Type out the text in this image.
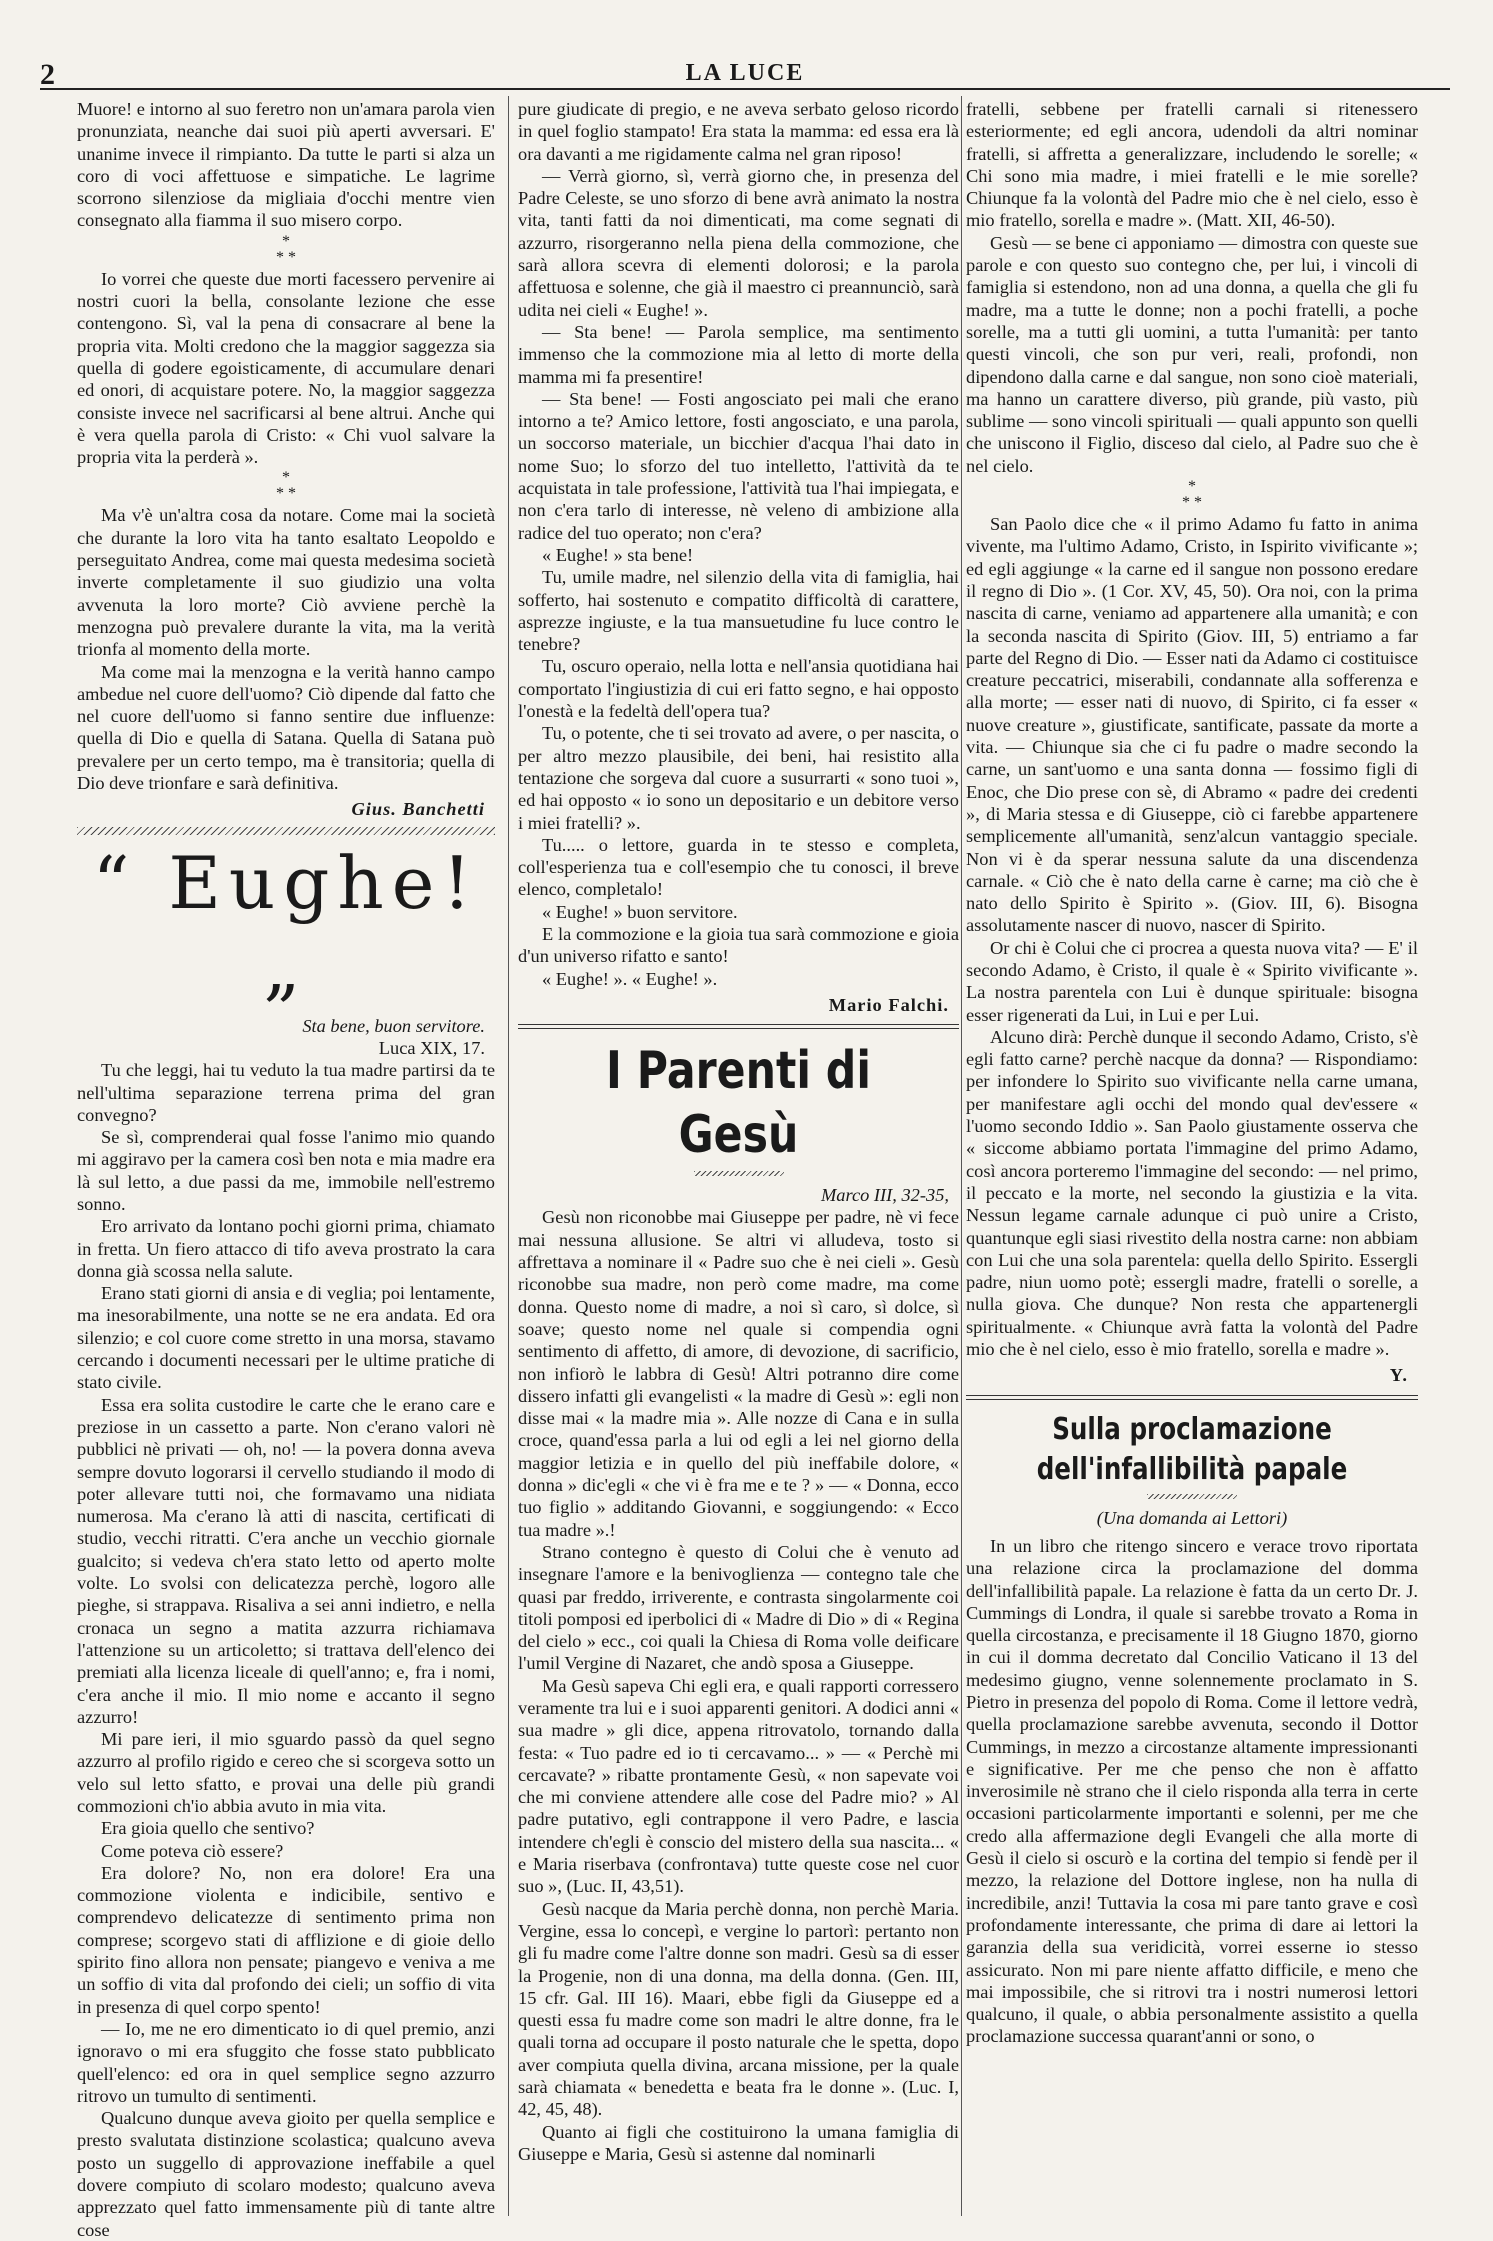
2	LA LUCE

Muore! e intorno al suo feretro non un'amara parola vien pronunziata, neanche dai suoi più aperti avversari. E' unanime invece il rimpianto. Da tutte le parti si alza un coro di voci affettuose e simpatiche. Le lagrime scorrono silenziose da migliaia d'occhi mentre vien consegnato alla fiamma il suo misero corpo.

*
* *

Io vorrei che queste due morti facessero pervenire ai nostri cuori la bella, consolante lezione che esse contengono. Sì, val la pena di consacrare al bene la propria vita. Molti credono che la maggior saggezza sia quella di godere egoisticamente, di accumulare denari ed onori, di acquistare potere. No, la maggior saggezza consiste invece nel sacrificarsi al bene altrui. Anche qui è vera quella parola di Cristo: « Chi vuol salvare la propria vita la perderà ».

*
* *

Ma v'è un'altra cosa da notare. Come mai la società che durante la loro vita ha tanto esaltato Leopoldo e perseguitato Andrea, come mai questa medesima società inverte completamente il suo giudizio una volta avvenuta la loro morte? Ciò avviene perchè la menzogna può prevalere durante la vita, ma la verità trionfa al momento della morte.

Ma come mai la menzogna e la verità hanno campo ambedue nel cuore dell'uomo? Ciò dipende dal fatto che nel cuore dell'uomo si fanno sentire due influenze: quella di Dio e quella di Satana. Quella di Satana può prevalere per un certo tempo, ma è transitoria; quella di Dio deve trionfare e sarà definitiva.

Gius. Banchetti
“ Eughe! „
Sta bene, buon servitore.
Luca XIX, 17.

Tu che leggi, hai tu veduto la tua madre partirsi da te nell'ultima separazione terrena prima del gran convegno?

Se sì, comprenderai qual fosse l'animo mio quando mi aggiravo per la camera così ben nota e mia madre era là sul letto, a due passi da me, immobile nell'estremo sonno.

Ero arrivato da lontano pochi giorni prima, chiamato in fretta. Un fiero attacco di tifo aveva prostrato la cara donna già scossa nella salute.

Erano stati giorni di ansia e di veglia; poi lentamente, ma inesorabilmente, una notte se ne era andata. Ed ora silenzio; e col cuore come stretto in una morsa, stavamo cercando i documenti necessari per le ultime pratiche di stato civile.

Essa era solita custodire le carte che le erano care e preziose in un cassetto a parte. Non c'erano valori nè pubblici nè privati — oh, no! — la povera donna aveva sempre dovuto logorarsi il cervello studiando il modo di poter allevare tutti noi, che formavamo una nidiata numerosa. Ma c'erano là atti di nascita, certificati di studio, vecchi ritratti. C'era anche un vecchio giornale gualcito; si vedeva ch'era stato letto od aperto molte volte. Lo svolsi con delicatezza perchè, logoro alle pieghe, si strappava. Risaliva a sei anni indietro, e nella cronaca un segno a matita azzurra richiamava l'attenzione su un articoletto; si trattava dell'elenco dei premiati alla licenza liceale di quell'anno; e, fra i nomi, c'era anche il mio. Il mio nome e accanto il segno azzurro!

Mi pare ieri, il mio sguardo passò da quel segno azzurro al profilo rigido e cereo che si scorgeva sotto un velo sul letto sfatto, e provai una delle più grandi commozioni ch'io abbia avuto in mia vita.

Era gioia quello che sentivo?

Come poteva ciò essere?

Era dolore? No, non era dolore! Era una commozione violenta e indicibile, sentivo e comprendevo delicatezze di sentimento prima non comprese; scorgevo stati di afflizione e di gioie dello spirito fino allora non pensate; piangevo e veniva a me un soffio di vita dal profondo dei cieli; un soffio di vita in presenza di quel corpo spento!

— Io, me ne ero dimenticato io di quel premio, anzi ignoravo o mi era sfuggito che fosse stato pubblicato quell'elenco: ed ora in quel semplice segno azzurro ritrovo un tumulto di sentimenti.

Qualcuno dunque aveva gioito per quella semplice e presto svalutata distinzione scolastica; qualcuno aveva posto un suggello di approvazione ineffabile a quel dovere compiuto di scolaro modesto; qualcuno aveva apprezzato quel fatto immensamente più di tante altre cose

pure giudicate di pregio, e ne aveva serbato geloso ricordo in quel foglio stampato! Era stata la mamma: ed essa era là ora davanti a me rigidamente calma nel gran riposo!

— Verrà giorno, sì, verrà giorno che, in presenza del Padre Celeste, se uno sforzo di bene avrà animato la nostra vita, tanti fatti da noi dimenticati, ma come segnati di azzurro, risorgeranno nella piena della commozione, che sarà allora scevra di elementi dolorosi; e la parola affettuosa e solenne, che già il maestro ci preannunciò, sarà udita nei cieli « Eughe! ».

— Sta bene! — Parola semplice, ma sentimento immenso che la commozione mia al letto di morte della mamma mi fa presentire!

— Sta bene! — Fosti angosciato pei mali che erano intorno a te? Amico lettore, fosti angosciato, e una parola, un soccorso materiale, un bicchier d'acqua l'hai dato in nome Suo; lo sforzo del tuo intelletto, l'attività da te acquistata in tale professione, l'attività tua l'hai impiegata, e non c'era tarlo di interesse, nè veleno di ambizione alla radice del tuo operato; non c'era?

« Eughe! » sta bene!

Tu, umile madre, nel silenzio della vita di famiglia, hai sofferto, hai sostenuto e compatito difficoltà di carattere, asprezze ingiuste, e la tua mansuetudine fu luce contro le tenebre?

Tu, oscuro operaio, nella lotta e nell'ansia quotidiana hai comportato l'ingiustizia di cui eri fatto segno, e hai opposto l'onestà e la fedeltà dell'opera tua?

Tu, o potente, che ti sei trovato ad avere, o per nascita, o per altro mezzo plausibile, dei beni, hai resistito alla tentazione che sorgeva dal cuore a susurrarti « sono tuoi », ed hai opposto « io sono un depositario e un debitore verso i miei fratelli? ».

Tu..... o lettore, guarda in te stesso e completa, coll'esperienza tua e coll'esempio che tu conosci, il breve elenco, completalo!

« Eughe! » buon servitore.

E la commozione e la gioia tua sarà commozione e gioia d'un universo rifatto e santo!

« Eughe! ». « Eughe! ».

Mario Falchi.
I Parenti di Gesù
Marco III, 32-35,

Gesù non riconobbe mai Giuseppe per padre, nè vi fece mai nessuna allusione. Se altri vi alludeva, tosto si affrettava a nominare il « Padre suo che è nei cieli ». Gesù riconobbe sua madre, non però come madre, ma come donna. Questo nome di madre, a noi sì caro, sì dolce, sì soave; questo nome nel quale si compendia ogni sentimento di affetto, di amore, di devozione, di sacrificio, non infiorò le labbra di Gesù! Altri potranno dire come dissero infatti gli evangelisti « la madre di Gesù »: egli non disse mai « la madre mia ». Alle nozze di Cana e in sulla croce, quand'essa parla a lui od egli a lei nel giorno della maggior letizia e in quello del più ineffabile dolore, « donna » dic'egli « che vi è fra me e te ? » — « Donna, ecco tuo figlio » additando Giovanni, e soggiungendo: « Ecco tua madre ».!

Strano contegno è questo di Colui che è venuto ad insegnare l'amore e la benivoglienza — contegno tale che quasi par freddo, irriverente, e contrasta singolarmente coi titoli pomposi ed iperbolici di « Madre di Dio » di « Regina del cielo » ecc., coi quali la Chiesa di Roma volle deificare l'umil Vergine di Nazaret, che andò sposa a Giuseppe.

Ma Gesù sapeva Chi egli era, e quali rapporti corressero veramente tra lui e i suoi apparenti genitori. A dodici anni « sua madre » gli dice, appena ritrovatolo, tornando dalla festa: « Tuo padre ed io ti cercavamo... » — « Perchè mi cercavate? » ribatte prontamente Gesù, « non sapevate voi che mi conviene attendere alle cose del Padre mio? » Al padre putativo, egli contrappone il vero Padre, e lascia intendere ch'egli è conscio del mistero della sua nascita... « e Maria riserbava (confrontava) tutte queste cose nel cuor suo », (Luc. II, 43,51).

Gesù nacque da Maria perchè donna, non perchè Maria. Vergine, essa lo concepì, e vergine lo partorì: pertanto non gli fu madre come l'altre donne son madri. Gesù sa di esser la Progenie, non di una donna, ma della donna. (Gen. III, 15 cfr. Gal. III 16). Maari, ebbe figli da Giuseppe ed a questi essa fu madre come son madri le altre donne, fra le quali torna ad occupare il posto naturale che le spetta, dopo aver compiuta quella divina, arcana missione, per la quale sarà chiamata « benedetta e beata fra le donne ». (Luc. I, 42, 45, 48).

Quanto ai figli che costituirono la umana famiglia di Giuseppe e Maria, Gesù si astenne dal nominarli

fratelli, sebbene per fratelli carnali si ritenessero esteriormente; ed egli ancora, udendoli da altri nominar fratelli, si affretta a generalizzare, includendo le sorelle; « Chi sono mia madre, i miei fratelli e le mie sorelle? Chiunque fa la volontà del Padre mio che è nel cielo, esso è mio fratello, sorella e madre ». (Matt. XII, 46-50).

Gesù — se bene ci apponiamo — dimostra con queste sue parole e con questo suo contegno che, per lui, i vincoli di famiglia si estendono, non ad una donna, a quella che gli fu madre, ma a tutte le donne; non a pochi fratelli, a poche sorelle, ma a tutti gli uomini, a tutta l'umanità: per tanto questi vincoli, che son pur veri, reali, profondi, non dipendono dalla carne e dal sangue, non sono cioè materiali, ma hanno un carattere diverso, più grande, più vasto, più sublime — sono vincoli spirituali — quali appunto son quelli che uniscono il Figlio, disceso dal cielo, al Padre suo che è nel cielo.

*
* *

San Paolo dice che « il primo Adamo fu fatto in anima vivente, ma l'ultimo Adamo, Cristo, in Ispirito vivificante »; ed egli aggiunge « la carne ed il sangue non possono eredare il regno di Dio ». (1 Cor. XV, 45, 50). Ora noi, con la prima nascita di carne, veniamo ad appartenere alla umanità; e con la seconda nascita di Spirito (Giov. III, 5) entriamo a far parte del Regno di Dio. — Esser nati da Adamo ci costituisce creature peccatrici, miserabili, condannate alla sofferenza e alla morte; — esser nati di nuovo, di Spirito, ci fa esser « nuove creature », giustificate, santificate, passate da morte a vita. — Chiunque sia che ci fu padre o madre secondo la carne, un sant'uomo e una santa donna — fossimo figli di Enoc, che Dio prese con sè, di Abramo « padre dei credenti », di Maria stessa e di Giuseppe, ciò ci farebbe appartenere semplicemente all'umanità, senz'alcun vantaggio speciale. Non vi è da sperar nessuna salute da una discendenza carnale. « Ciò che è nato della carne è carne; ma ciò che è nato dello Spirito è Spirito ». (Giov. III, 6). Bisogna assolutamente nascer di nuovo, nascer di Spirito.

Or chi è Colui che ci procrea a questa nuova vita? — E' il secondo Adamo, è Cristo, il quale è « Spirito vivificante ». La nostra parentela con Lui è dunque spirituale: bisogna esser rigenerati da Lui, in Lui e per Lui.

Alcuno dirà: Perchè dunque il secondo Adamo, Cristo, s'è egli fatto carne? perchè nacque da donna? — Rispondiamo: per infondere lo Spirito suo vivificante nella carne umana, per manifestare agli occhi del mondo qual dev'essere « l'uomo secondo Iddio ». San Paolo giustamente osserva che « siccome abbiamo portata l'immagine del primo Adamo, così ancora porteremo l'immagine del secondo: — nel primo, il peccato e la morte, nel secondo la giustizia e la vita. Nessun legame carnale adunque ci può unire a Cristo, quantunque egli siasi rivestito della nostra carne: non abbiam con Lui che una sola parentela: quella dello Spirito. Essergli padre, niun uomo potè; essergli madre, fratelli o sorelle, a nulla giova. Che dunque? Non resta che appartenergli spiritualmente. « Chiunque avrà fatta la volontà del Padre mio che è nel cielo, esso è mio fratello, sorella e madre ».

Y.
Sulla proclamazione dell'infallibilità papale
(Una domanda ai Lettori)

In un libro che ritengo sincero e verace trovo riportata una relazione circa la proclamazione del domma dell'infallibilità papale. La relazione è fatta da un certo Dr. J. Cummings di Londra, il quale si sarebbe trovato a Roma in quella circostanza, e precisamente il 18 Giugno 1870, giorno in cui il domma decretato dal Concilio Vaticano il 13 del medesimo giugno, venne solennemente proclamato in S. Pietro in presenza del popolo di Roma. Come il lettore vedrà, quella proclamazione sarebbe avvenuta, secondo il Dottor Cummings, in mezzo a circostanze altamente impressionanti e significative. Per me che penso che non è affatto inverosimile nè strano che il cielo risponda alla terra in certe occasioni particolarmente importanti e solenni, per me che credo alla affermazione degli Evangeli che alla morte di Gesù il cielo si oscurò e la cortina del tempio si fendè per il mezzo, la relazione del Dottore inglese, non ha nulla di incredibile, anzi! Tuttavia la cosa mi pare tanto grave e così profondamente interessante, che prima di dare ai lettori la garanzia della sua veridicità, vorrei esserne io stesso assicurato. Non mi pare niente affatto difficile, e meno che mai impossibile, che si ritrovi tra i nostri numerosi lettori qualcuno, il quale, o abbia personalmente assistito a quella proclamazione successa quarant'anni or sono, o
